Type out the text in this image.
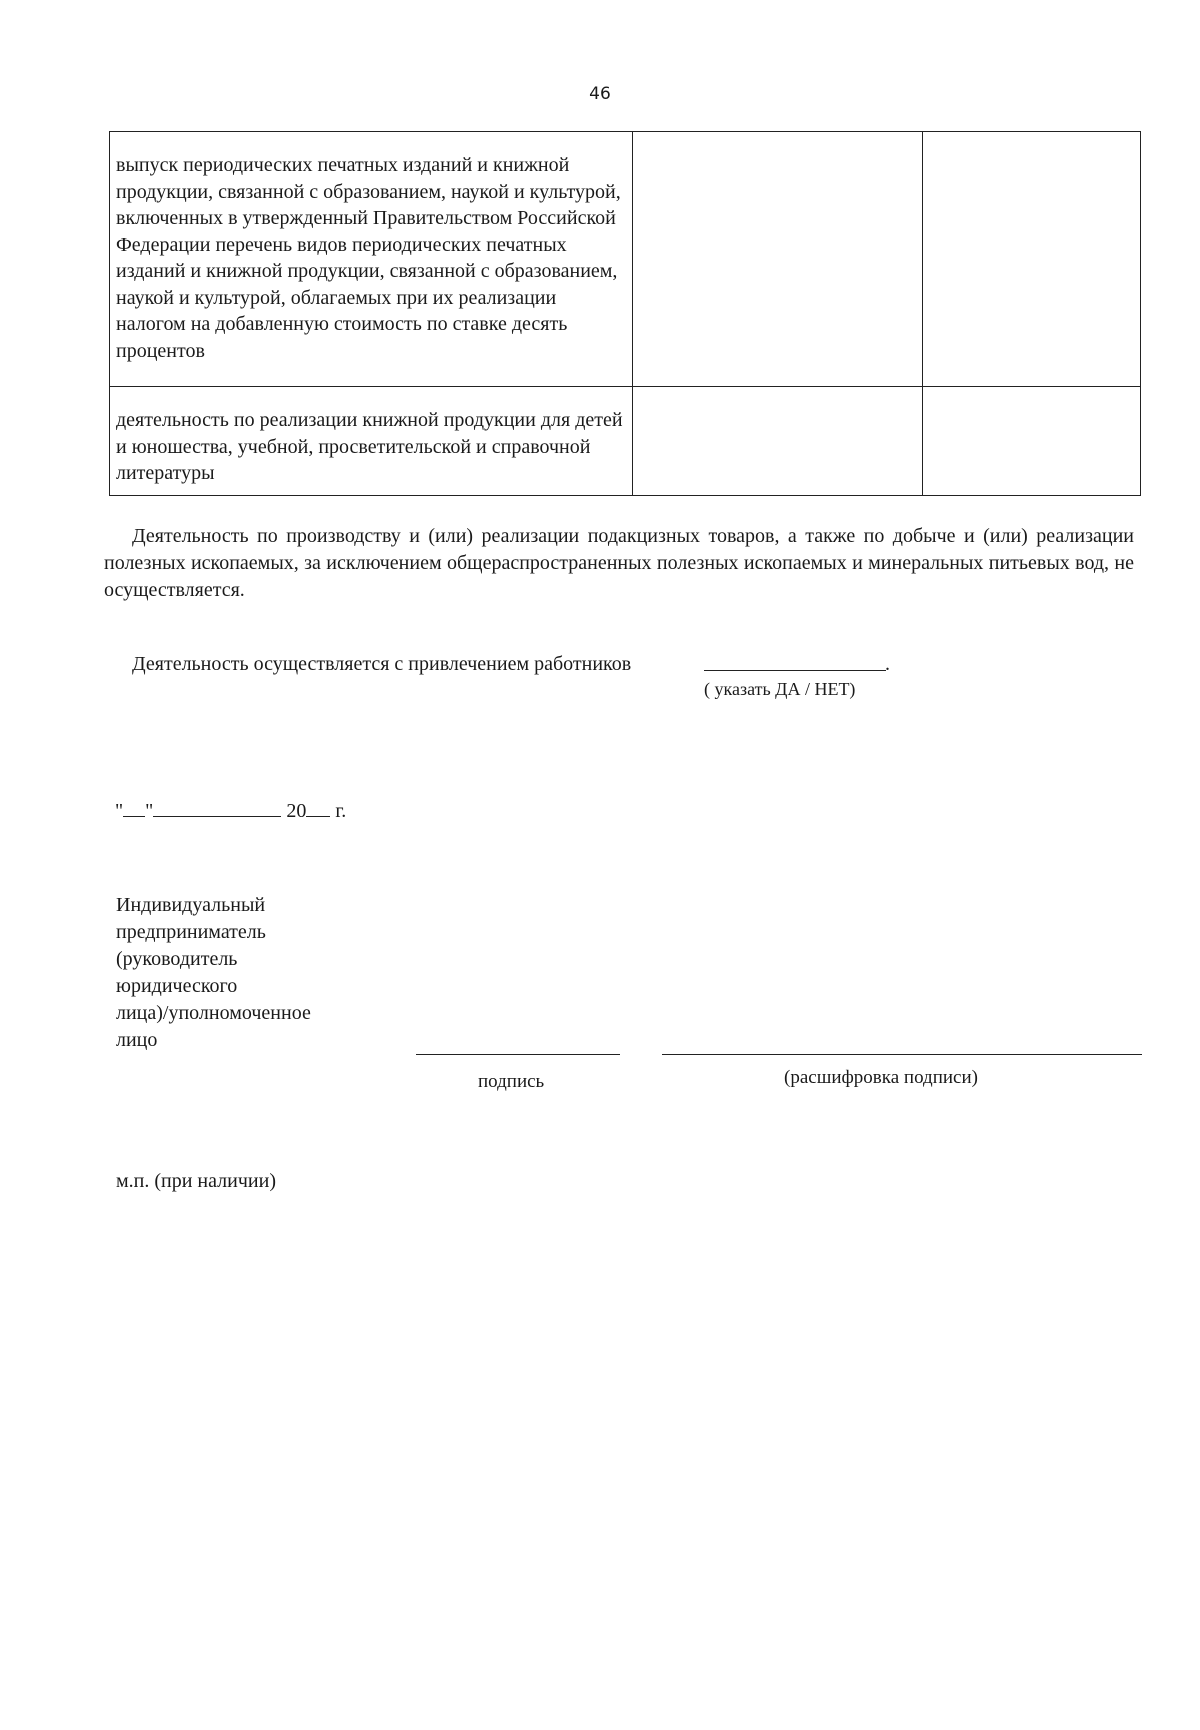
46
выпуск периодических печатных изданий и книжной продукции, связанной с образованием, наукой и культурой, включенных в утвержденный Правительством Российской Федерации перечень видов периодических печатных изданий и книжной продукции, связанной с образованием, наукой и культурой, облагаемых при их реализации налогом на добавленную стоимость по ставке десять процентов		
деятельность по реализации книжной продукции для детей и юношества, учебной, просветительской и справочной литературы		
Деятельность по производству и (или) реализации подакцизных товаров, а также по добыче и (или) реализации полезных ископаемых, за исключением общераспространенных полезных ископаемых и минеральных питьевых вод, не осуществляется.
Деятельность осуществляется с привлечением работников	.
( указать ДА / НЕТ)
" "	20 г.
Индивидуальный
предприниматель
(руководитель
юридического
лица)/уполномоченное
лицо
подпись	(расшифровка подписи)
м.п. (при наличии)
